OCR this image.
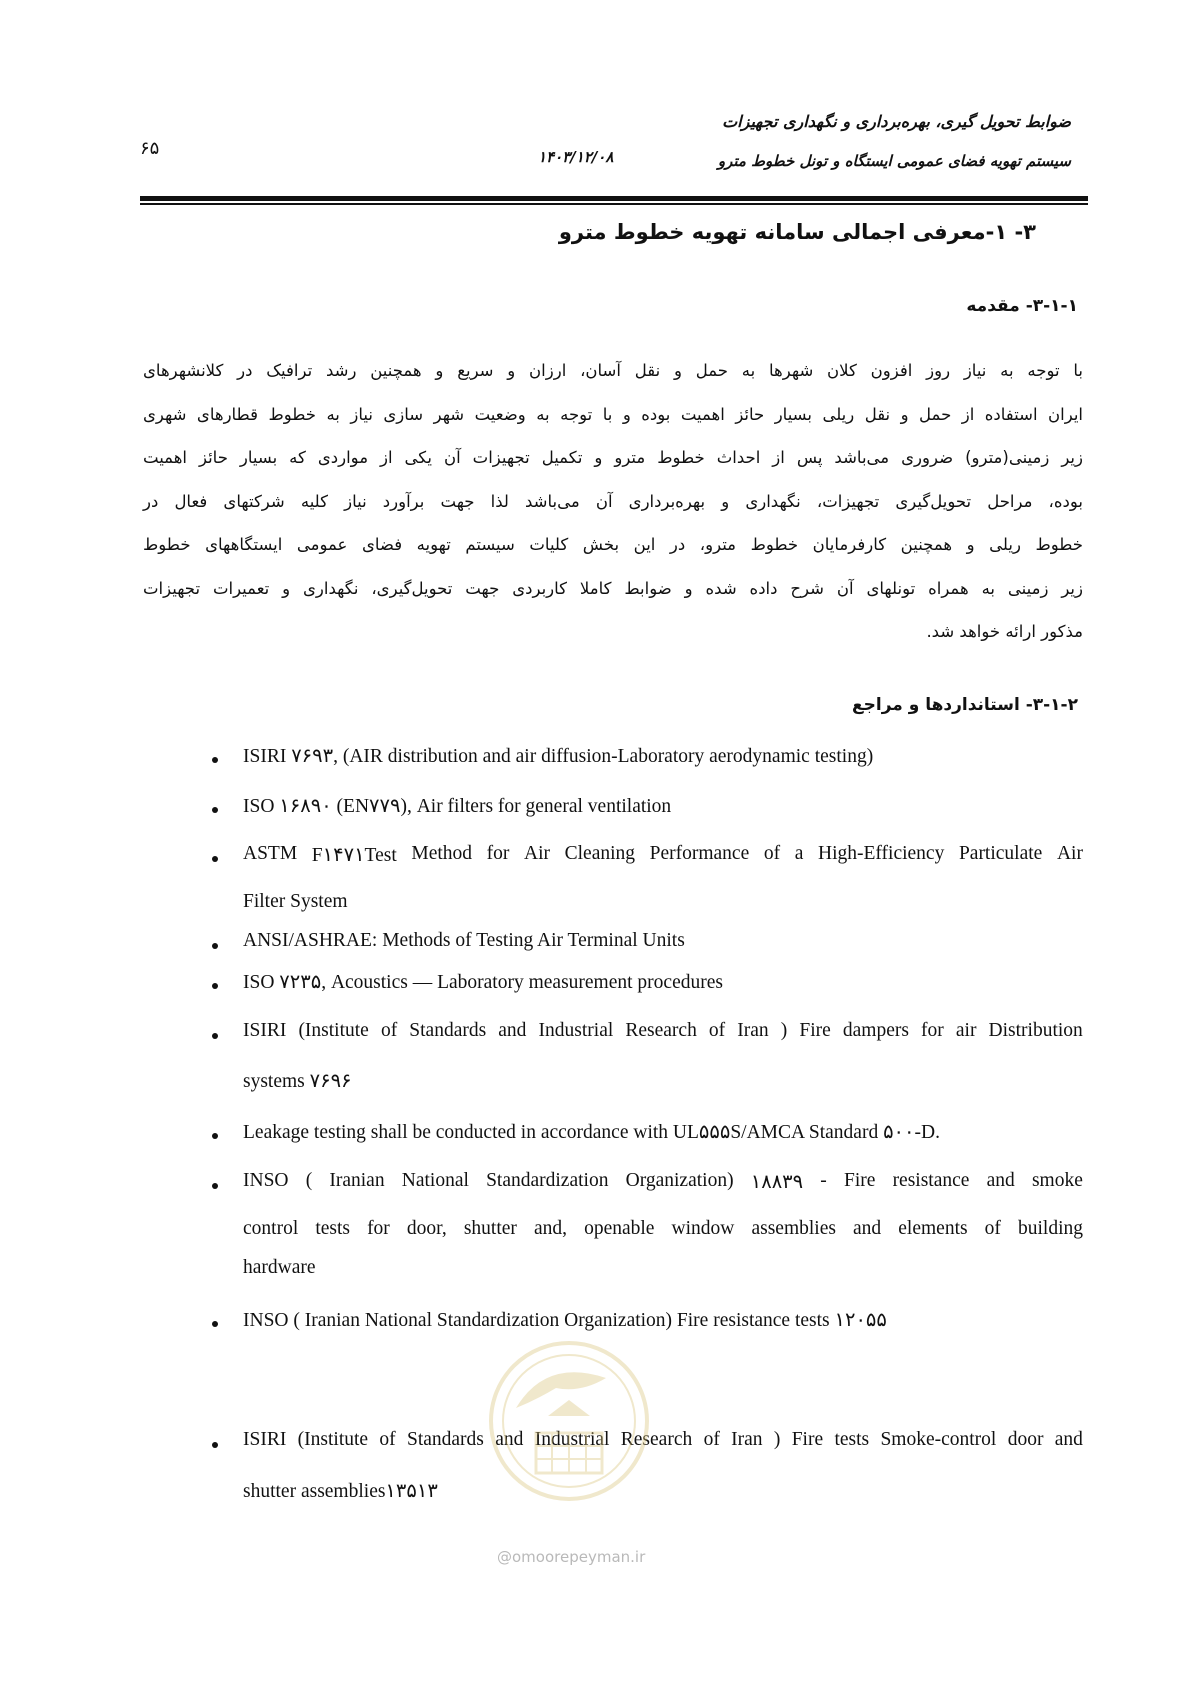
ضوابط تحویل گیری، بهره‌برداری و نگهداری تجهیزات
سیستم تهویه فضای عمومی ایستگاه و تونل خطوط مترو
۱۴۰۳/۱۲/۰۸
۶۵
۳- ۱-معرفی اجمالی سامانه تهویه خطوط مترو
۳-۱-۱- مقدمه
با توجه به نیاز روز افزون کلان شهرها به حمل و نقل آسان، ارزان و سریع و همچنین رشد ترافیک در کلانشهرهای
ایران استفاده از حمل و نقل ریلی بسیار حائز اهمیت بوده و با توجه به وضعیت شهر سازی نیاز به خطوط قطارهای شهری
زیر زمینی(مترو) ضروری می‌باشد پس از احداث خطوط مترو و تکمیل تجهیزات آن یکی از مواردی که بسیار حائز اهمیت
بوده، مراحل تحویل‌گیری تجهیزات، نگهداری و بهره‌برداری آن می‌باشد لذا جهت برآورد نیاز کلیه شرکتهای فعال در
خطوط ریلی و همچنین کارفرمایان خطوط مترو، در این بخش کلیات سیستم تهویه فضای عمومی ایستگاههای خطوط
زیر زمینی به همراه تونلهای آن شرح داده شده و ضوابط کاملا کاربردی جهت تحویل‌گیری، نگهداری و تعمیرات تجهیزات
مذکور ارائه خواهد شد.
۳-۱-۲- استانداردها و مراجع
ISIRI ۷۶۹۳, (AIR distribution and air diffusion-Laboratory aerodynamic testing)
ISO ۱۶۸۹۰ (EN۷۷۹), Air filters for general ventilation
ASTM F۱۴۷۱Test Method for Air Cleaning Performance of a High-Efficiency Particulate Air
Filter System
ANSI/ASHRAE: Methods of Testing Air Terminal Units
ISO ۷۲۳۵, Acoustics — Laboratory measurement procedures
ISIRI (Institute of Standards and Industrial Research of Iran ) Fire dampers for air Distribution
systems ۷۶۹۶
Leakage testing shall be conducted in accordance with UL۵۵۵S/AMCA Standard ۵۰۰-D.
INSO ( Iranian National Standardization Organization) ۱۸۸۳۹ - Fire resistance and smoke
control tests for door, shutter and, openable window assemblies and elements of building
hardware
INSO ( Iranian National Standardization Organization) Fire resistance tests ۱۲۰۵۵
ISIRI (Institute of Standards and Industrial Research of Iran ) Fire tests Smoke-control door and
shutter assemblies۱۳۵۱۳
@omoorepeyman.ir
